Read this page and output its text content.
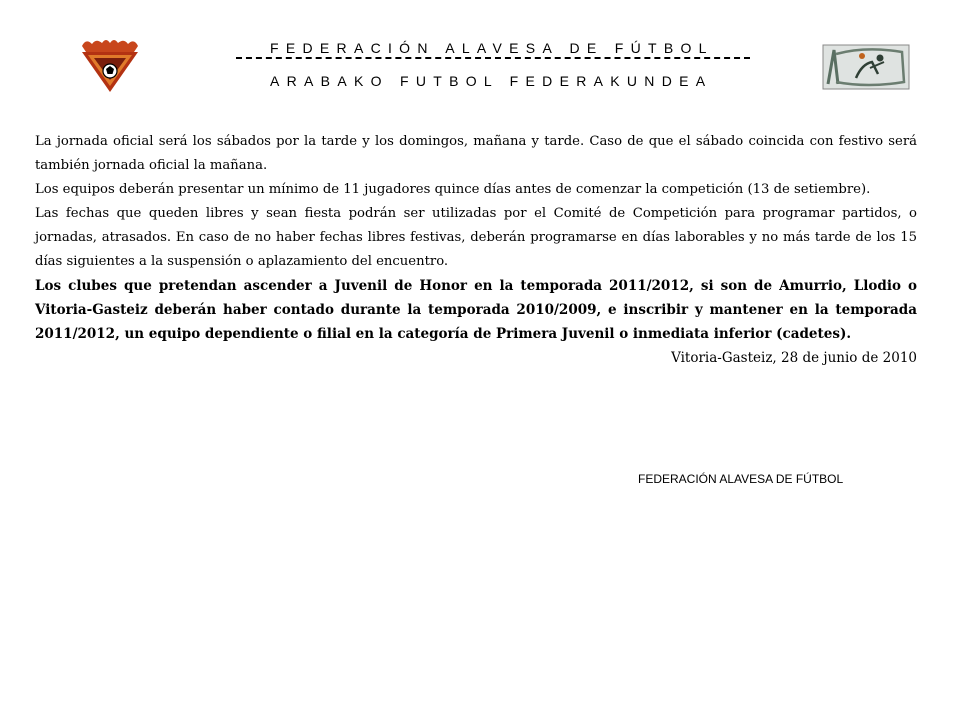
FEDERACIÓN ALAVESA DE FÚTBOL
ARABAKO FUTBOL FEDERAKUNDEA

La jornada oficial será los sábados por la tarde y los domingos, mañana y tarde. Caso de que el sábado coincida con festivo será también jornada oficial la mañana.

Los equipos deberán presentar un mínimo de 11 jugadores quince días antes de comenzar la competición (13 de setiembre).

Las fechas que queden libres y sean fiesta podrán ser utilizadas por el Comité de Competición para programar partidos, o jornadas, atrasados. En caso de no haber fechas libres festivas, deberán programarse en días laborables y no más tarde de los 15 días siguientes a la suspensión o aplazamiento del encuentro.

Los clubes que pretendan ascender a Juvenil de Honor en la temporada 2011/2012, si son de Amurrio, Llodio o Vitoria-Gasteiz deberán haber contado durante la temporada 2010/2009, e inscribir y mantener en la temporada 2011/2012, un equipo dependiente o filial en la categoría de Primera Juvenil o inmediata inferior (cadetes).

Vitoria-Gasteiz, 28 de junio de 2010

FEDERACIÓN ALAVESA DE FÚTBOL
